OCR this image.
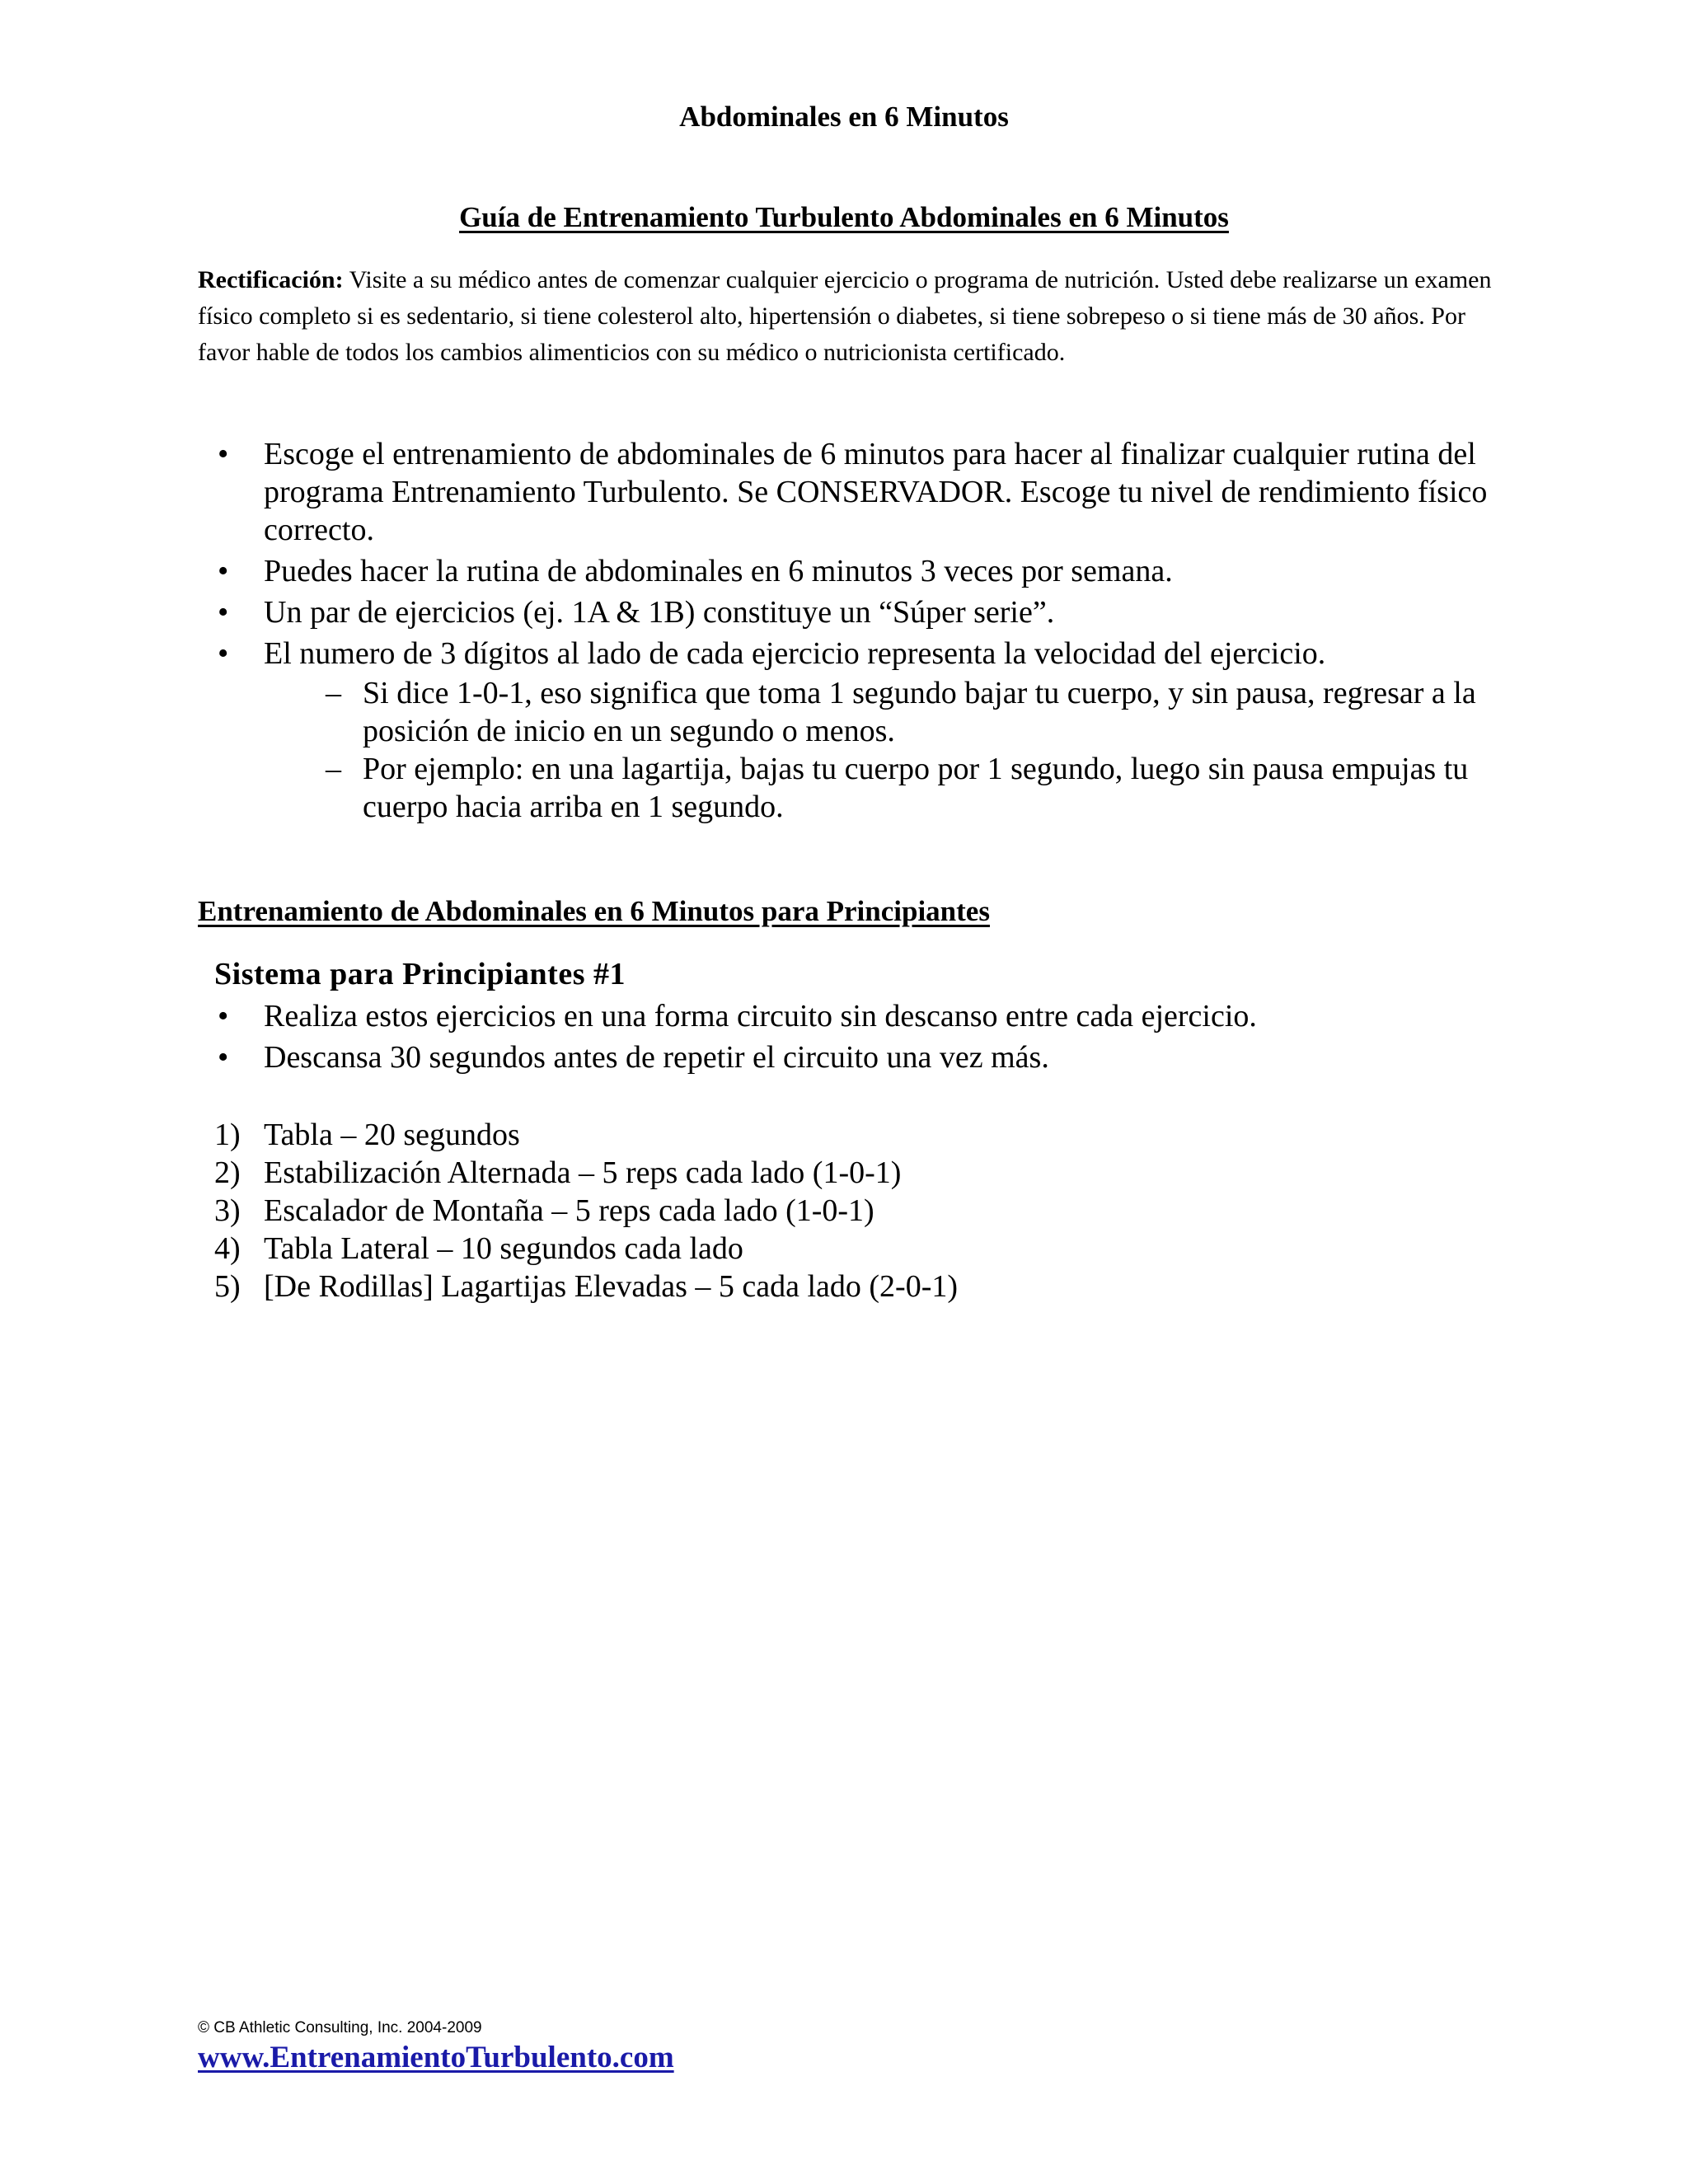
Abdominales en 6 Minutos
Guía de Entrenamiento Turbulento Abdominales en 6 Minutos
Rectificación: Visite a su médico antes de comenzar cualquier ejercicio o programa de nutrición. Usted debe realizarse un examen físico completo si es sedentario, si tiene colesterol alto, hipertensión o diabetes, si tiene sobrepeso o si tiene más de 30 años. Por favor hable de todos los cambios alimenticios con su médico o nutricionista certificado.
• Escoge el entrenamiento de abdominales de 6 minutos para hacer al finalizar cualquier rutina del programa Entrenamiento Turbulento. Se CONSERVADOR. Escoge tu nivel de rendimiento físico correcto.
• Puedes hacer la rutina de abdominales en 6 minutos 3 veces por semana.
• Un par de ejercicios (ej. 1A & 1B) constituye un “Súper serie”.
• El numero de 3 dígitos al lado de cada ejercicio representa la velocidad del ejercicio.
– Si dice 1-0-1, eso significa que toma 1 segundo bajar tu cuerpo, y sin pausa, regresar a la posición de inicio en un segundo o menos.
– Por ejemplo: en una lagartija, bajas tu cuerpo por 1 segundo, luego sin pausa empujas tu cuerpo hacia arriba en 1 segundo.
Entrenamiento de Abdominales en 6 Minutos para Principiantes
Sistema para Principiantes #1
• Realiza estos ejercicios en una forma circuito sin descanso entre cada ejercicio.
• Descansa 30 segundos antes de repetir el circuito una vez más.
1) Tabla – 20 segundos
2) Estabilización Alternada – 5 reps cada lado (1-0-1)
3) Escalador de Montaña – 5 reps cada lado (1-0-1)
4) Tabla Lateral – 10 segundos cada lado
5) [De Rodillas] Lagartijas Elevadas – 5 cada lado (2-0-1)
© CB Athletic Consulting, Inc. 2004-2009
www.EntrenamientoTurbulento.com
